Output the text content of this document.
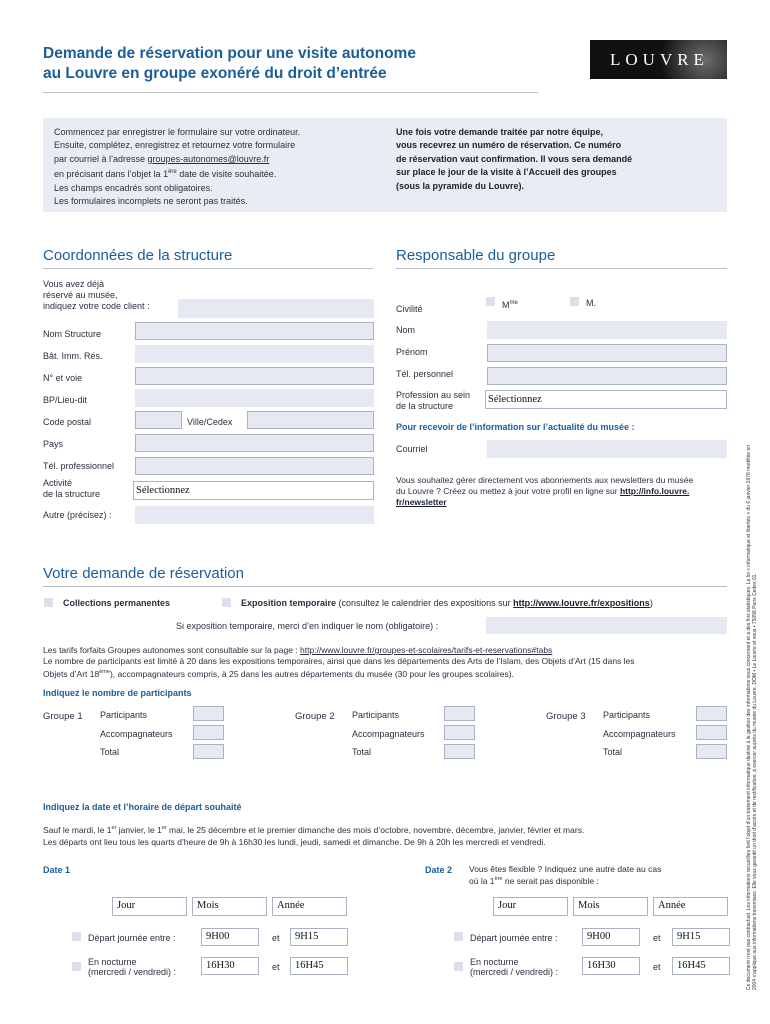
Demande de réservation pour une visite autonome
au Louvre en groupe exonéré du droit d’entrée
LOUVRE
Commencez par enregistrer le formulaire sur votre ordinateur.
Ensuite, complétez, enregistrez et retournez votre formulaire
par courriel à l’adresse groupes-autonomes@louvre.fr
en précisant dans l’objet la 1ère date de visite souhaitée.
Les champs encadrés sont obligatoires.
Les formulaires incomplets ne seront pas traités.
Une fois votre demande traitée par notre équipe,
vous recevrez un numéro de réservation. Ce numéro
de réservation vaut confirmation. Il vous sera demandé
sur place le jour de la visite à l’Accueil des groupes
(sous la pyramide du Louvre).
Coordonnées de la structure	Responsable du groupe
Vous avez déjà
réservé au musée,
indiquez votre code client :
Nom Structure
Bât. Imm. Rés.
N° et voie
BP/Lieu-dit
Code postal	Ville/Cedex
Pays
Tél. professionnel
Activité
de la structure	Sélectionnez
Autre (précisez) :
Civilité	$M^{me}$	M.
Nom
Prénom
Tél. personnel
Profession au sein
de la structure
Sélectionnez
Pour recevoir de l’information sur l’actualité du musée :
Courriel
Vous souhaitez gérer directement vos abonnements aux newsletters du musée
du Louvre ? Créez ou mettez à jour votre profil en ligne sur http://info.louvre.
fr/newsletter
Votre demande de réservation
Collections permanentes	Exposition temporaire (consultez le calendrier des expositions sur http://www.louvre.fr/expositions)
Si exposition temporaire, merci d’en indiquer le nom (obligatoire) :
Les tarifs forfaits Groupes autonomes sont consultable sur la page : http://www.louvre.fr/groupes-et-scolaires/tarifs-et-reservations#tabs
Le nombre de participants est limité à 20 dans les expositions temporaires, ainsi que dans les départements des Arts de l’Islam, des Objets d’Art (15 dans les
Objets d’Art 18ème), accompagnateurs compris, à 25 dans les autres départements du musée (30 pour les groupes scolaires).
Indiquez le nombre de participants
Groupe 1 Participants
Accompagnateurs
Total
Groupe 2 Participants
Accompagnateurs
Total
Groupe 3 Participants
Accompagnateurs
Total
Indiquez la date et l’horaire de départ souhaité
Sauf le mardi, le 1er janvier, le 1er mai, le 25 décembre et le premier dimanche des mois d’octobre, novembre, décembre, janvier, février et mars.
Les départs ont lieu tous les quarts d’heure de 9h à 16h30 les lundi, jeudi, samedi et dimanche. De 9h à 20h les mercredi et vendredi.
Date 1	Date 2 Vous êtes flexible ? Indiquez une autre date au cas
où la 1ère ne serait pas disponible :
Jour	Mois	Année
Départ journée entre :	9H00	et	9H15
En nocturne
(mercredi / vendredi) :
16H30	et	16H45
Jour	Mois	Année
Départ journée entre :	9H00	et	9H15
En nocturne
(mercredi / vendredi) :
16H30	et	16H45	Ce document n’est pas contractuel. Les informations recueillies font l’objet d’un traitement informatique destiné à la gestion des informations vous concernant et à des fins statistiques. La loi « informatique et libertés » du 6 janvier 1978 modifiée en 2004 s’applique aux informations transmises. Elle vous garantit un droit d’accès et de rectification, à exercer auprès du musée du Louvre, DOM • Le Louvre et vous • 75058 Paris Cedex 01.
